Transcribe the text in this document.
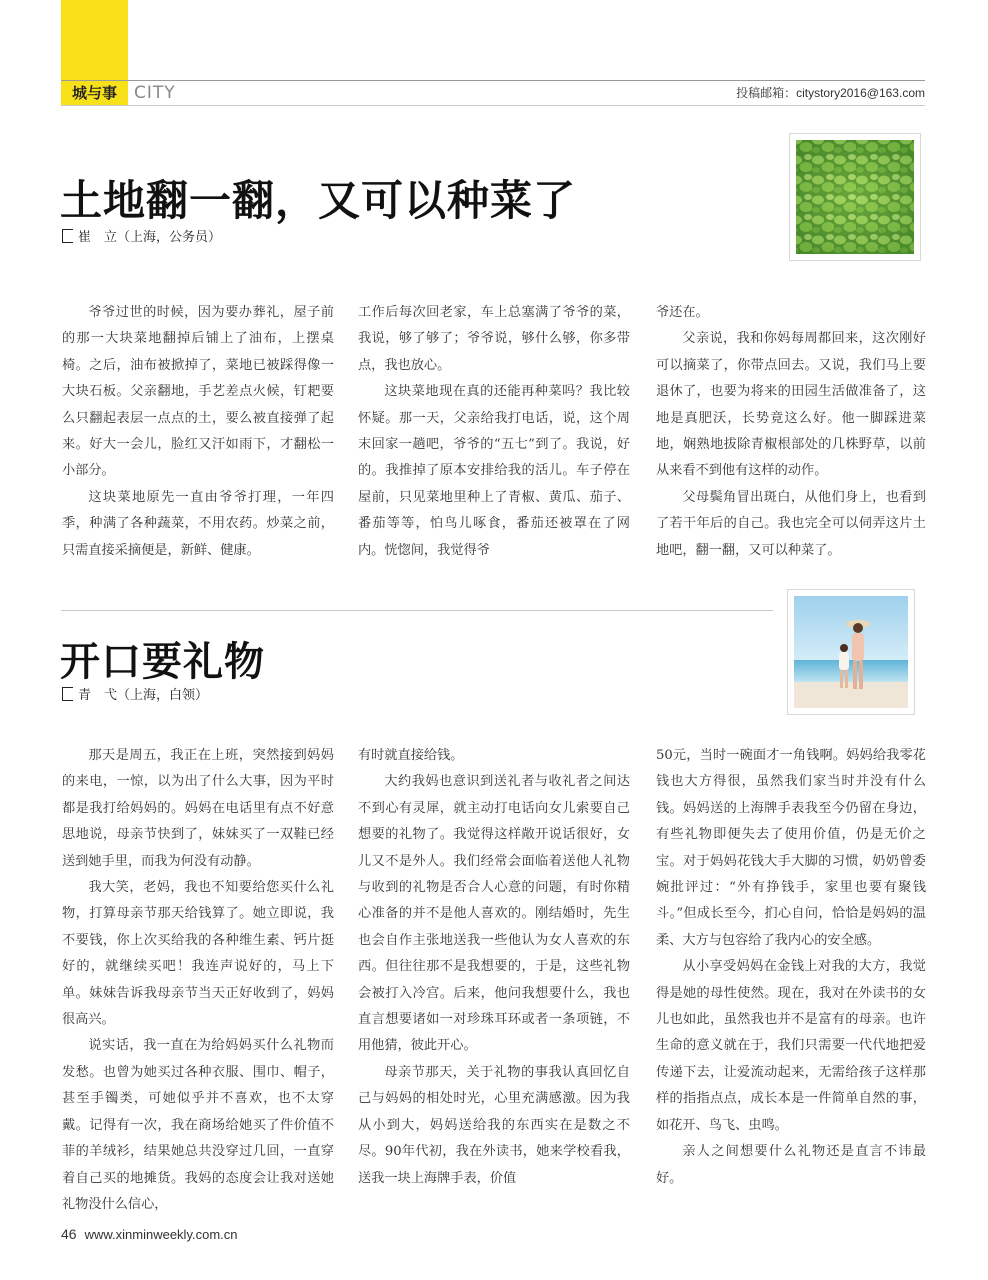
城与事	CITY	投稿邮箱：citystory2016@163.com
土地翻一翻，又可以种菜了
崔　立（上海，公务员）

爷爷过世的时候，因为要办葬礼，屋子前的那一大块菜地翻掉后铺上了油布，上摆桌椅。之后，油布被掀掉了，菜地已被踩得像一大块石板。父亲翻地，手艺差点火候，钉耙要么只翻起表层一点点的土，要么被直接弹了起来。好大一会儿，脸红又汗如雨下，才翻松一小部分。

这块菜地原先一直由爷爷打理，一年四季，种满了各种蔬菜，不用农药。炒菜之前，只需直接采摘便是，新鲜、健康。

工作后每次回老家，车上总塞满了爷爷的菜，我说，够了够了；爷爷说，够什么够，你多带点，我也放心。

这块菜地现在真的还能再种菜吗？我比较怀疑。那一天，父亲给我打电话，说，这个周末回家一趟吧，爷爷的“五七”到了。我说，好的。我推掉了原本安排给我的活儿。车子停在屋前，只见菜地里种上了青椒、黄瓜、茄子、番茄等等，怕鸟儿啄食，番茄还被罩在了网内。恍惚间，我觉得爷

爷还在。

父亲说，我和你妈每周都回来，这次刚好可以摘菜了，你带点回去。又说，我们马上要退休了，也要为将来的田园生活做准备了，这地是真肥沃，长势竟这么好。他一脚踩进菜地，娴熟地拔除青椒根部处的几株野草，以前从来看不到他有这样的动作。

父母鬓角冒出斑白，从他们身上，也看到了若干年后的自己。我也完全可以伺弄这片土地吧，翻一翻，又可以种菜了。

开口要礼物
青　弋（上海，白领）

那天是周五，我正在上班，突然接到妈妈的来电，一惊，以为出了什么大事，因为平时都是我打给妈妈的。妈妈在电话里有点不好意思地说，母亲节快到了，妹妹买了一双鞋已经送到她手里，而我为何没有动静。

我大笑，老妈，我也不知要给您买什么礼物，打算母亲节那天给钱算了。她立即说，我不要钱，你上次买给我的各种维生素、钙片挺好的，就继续买吧！我连声说好的，马上下单。妹妹告诉我母亲节当天正好收到了，妈妈很高兴。

说实话，我一直在为给妈妈买什么礼物而发愁。也曾为她买过各种衣服、围巾、帽子，甚至手镯类，可她似乎并不喜欢，也不太穿戴。记得有一次，我在商场给她买了件价值不菲的羊绒衫，结果她总共没穿过几回，一直穿着自己买的地摊货。我妈的态度会让我对送她礼物没什么信心，

有时就直接给钱。

大约我妈也意识到送礼者与收礼者之间达不到心有灵犀，就主动打电话向女儿索要自己想要的礼物了。我觉得这样敞开说话很好，女儿又不是外人。我们经常会面临着送他人礼物与收到的礼物是否合人心意的问题，有时你精心准备的并不是他人喜欢的。刚结婚时，先生也会自作主张地送我一些他认为女人喜欢的东西。但往往那不是我想要的，于是，这些礼物会被打入冷宫。后来，他问我想要什么，我也直言想要诸如一对珍珠耳环或者一条项链，不用他猜，彼此开心。

母亲节那天，关于礼物的事我认真回忆自己与妈妈的相处时光，心里充满感激。因为我从小到大，妈妈送给我的东西实在是数之不尽。90年代初，我在外读书，她来学校看我，送我一块上海牌手表，价值

50元，当时一碗面才一角钱啊。妈妈给我零花钱也大方得很，虽然我们家当时并没有什么钱。妈妈送的上海牌手表我至今仍留在身边，有些礼物即便失去了使用价值，仍是无价之宝。对于妈妈花钱大手大脚的习惯，奶奶曾委婉批评过：“外有挣钱手，家里也要有聚钱斗。”但成长至今，扪心自问，恰恰是妈妈的温柔、大方与包容给了我内心的安全感。

从小享受妈妈在金钱上对我的大方，我觉得是她的母性使然。现在，我对在外读书的女儿也如此，虽然我也并不是富有的母亲。也许生命的意义就在于，我们只需要一代代地把爱传递下去，让爱流动起来，无需给孩子这样那样的指指点点，成长本是一件简单自然的事，如花开、鸟飞、虫鸣。

亲人之间想要什么礼物还是直言不讳最好。

46 www.xinminweekly.com.cn
